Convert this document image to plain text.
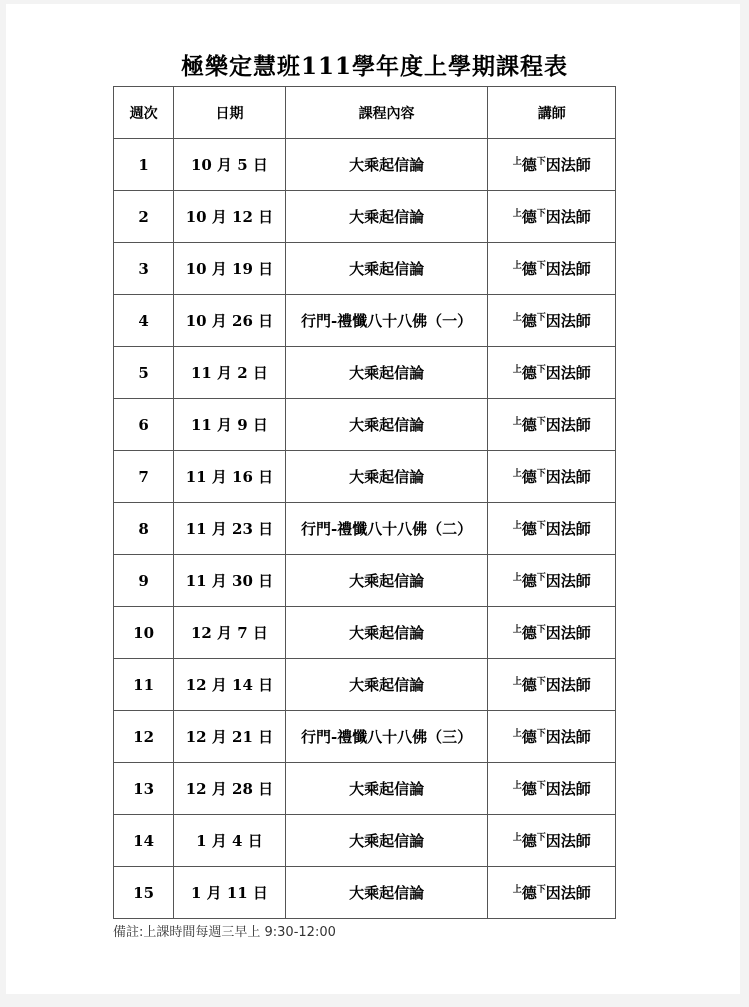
極樂定慧班111學年度上學期課程表
週次	日期	課程內容	講師
1	10 月 5 日	大乘起信論	$^上$德$^下$因法師
2	10 月 12 日	大乘起信論	$^上$德$^下$因法師
3	10 月 19 日	大乘起信論	$^上$德$^下$因法師
4	10 月 26 日	行門-禮懺八十八佛（一）	$^上$德$^下$因法師
5	11 月 2 日	大乘起信論	$^上$德$^下$因法師
6	11 月 9 日	大乘起信論	$^上$德$^下$因法師
7	11 月 16 日	大乘起信論	$^上$德$^下$因法師
8	11 月 23 日	行門-禮懺八十八佛（二）	$^上$德$^下$因法師
9	11 月 30 日	大乘起信論	$^上$德$^下$因法師
10	12 月 7 日	大乘起信論	$^上$德$^下$因法師
11	12 月 14 日	大乘起信論	$^上$德$^下$因法師
12	12 月 21 日	行門-禮懺八十八佛（三）	$^上$德$^下$因法師
13	12 月 28 日	大乘起信論	$^上$德$^下$因法師
14	1 月 4 日	大乘起信論	$^上$德$^下$因法師
15	1 月 11 日	大乘起信論	$^上$德$^下$因法師
備註:上課時間每週三早上 9:30-12:00
